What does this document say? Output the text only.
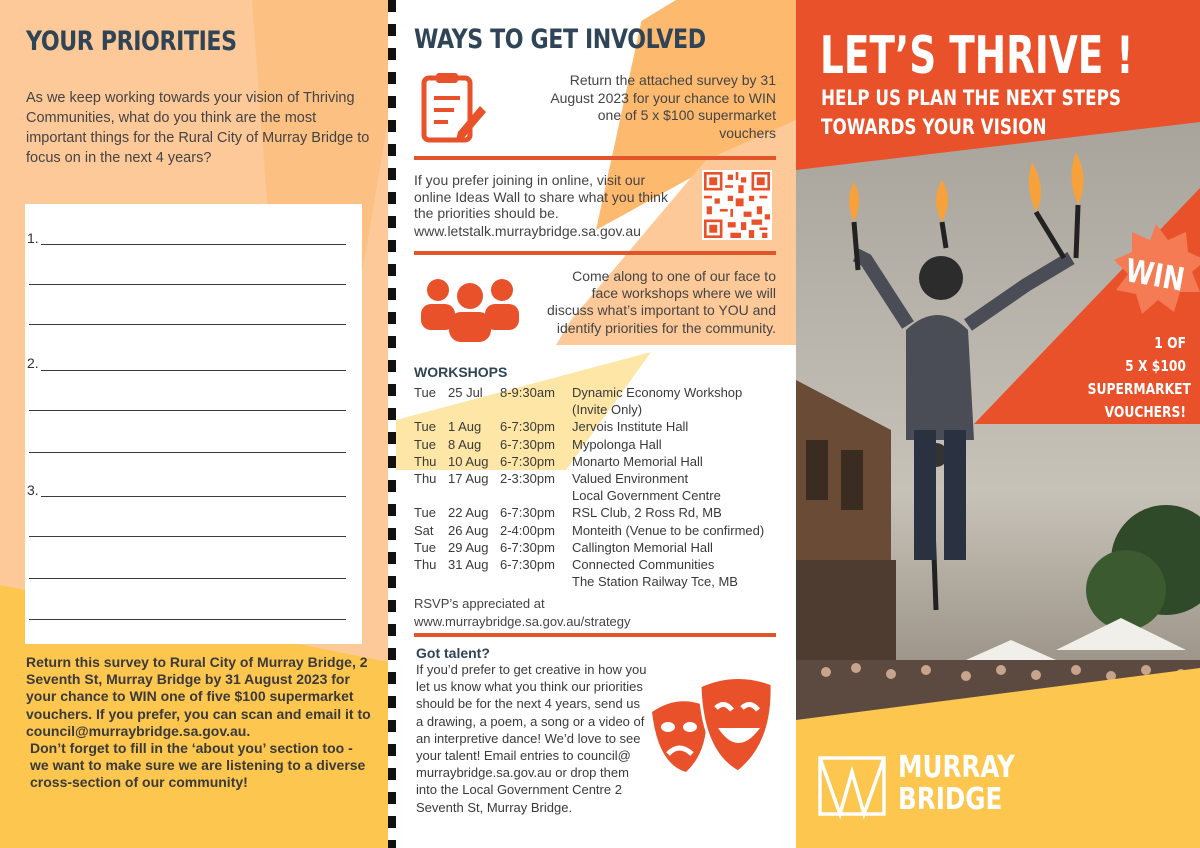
YOUR PRIORITIES
As we keep working towards your vision of Thriving Communities, what do you think are the most important things for the Rural City of Murray Bridge to focus on in the next 4 years?
1.
2.
3.

Return this survey to Rural City of Murray Bridge, 2 Seventh St, Murray Bridge by 31 August 2023 for your chance to WIN one of five $100 supermarket vouchers. If you prefer, you can scan and email it to council@murraybridge.sa.gov.au.

Don’t forget to fill in the ‘about you’ section too - we want to make sure we are listening to a diverse cross-section of our community!

WAYS TO GET INVOLVED
Return the attached survey by 31 August 2023 for your chance to WIN one of 5 x $100 supermarket vouchers
If you prefer joining in online, visit our online Ideas Wall to share what you think the priorities should be.
www.letstalk.murraybridge.sa.gov.au
Come along to one of our face to face workshops where we will discuss what’s important to YOU and identify priorities for the community.
WORKSHOPS
Tue 25 Jul	8-9:30am	Dynamic Economy Workshop
(Invite Only)
Tue 1 Aug	6-7:30pm	Jervois Institute Hall
Tue 8 Aug	6-7:30pm	Mypolonga Hall
Thu 10 Aug 6-7:30pm	Monarto Memorial Hall
Thu 17 Aug 2-3:30pm	Valued Environment
Local Government Centre
Tue 22 Aug 6-7:30pm	RSL Club, 2 Ross Rd, MB
Sat	26 Aug 2-4:00pm	Monteith (Venue to be confirmed)
Tue 29 Aug 6-7:30pm	Callington Memorial Hall
Thu 31 Aug 6-7:30pm	Connected Communities
The Station Railway Tce, MB
RSVP’s appreciated at
www.murraybridge.sa.gov.au/strategy
Got talent?
If you’d prefer to get creative in how you let us know what you think our priorities should be for the next 4 years, send us a drawing, a poem, a song or a video of an interpretive dance! We’d love to see your talent! Email entries to council@ murraybridge.sa.gov.au or drop them into the Local Government Centre 2 Seventh St, Murray Bridge.
LET’S THRIVE !
HELP US PLAN THE NEXT STEPS
TOWARDS YOUR VISION
WIN
1 OF
5 X $100
SUPERMARKET
VOUCHERS!
MURRAY
BRIDGE
